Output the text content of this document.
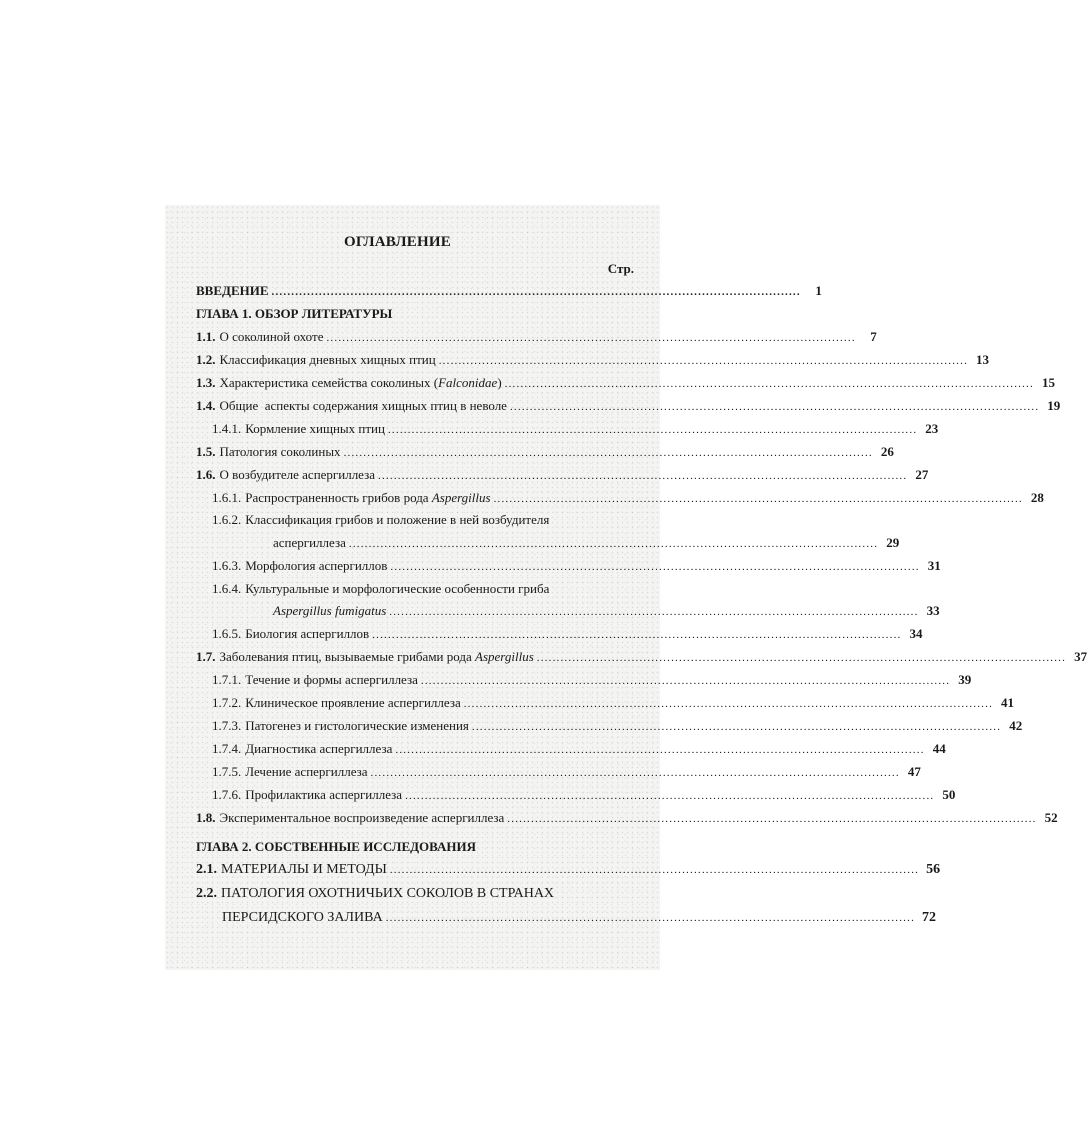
ОГЛАВЛЕНИЕ
Стр.
ВВЕДЕНИЕ ......................................................................................................................................	1
ГЛАВА 1. ОБЗОР ЛИТЕРАТУРЫ
1.1. О соколиной охоте ......................................................................................................................................	7
1.2. Классификация дневных хищных птиц ...................................................................................................................................... 13
1.3. Характеристика семейства соколиных ( Falconidae ) ...................................................................................................................................... 15
1.4. Общие  аспекты содержания хищных птиц в неволе ...................................................................................................................................... 19
1.4.1. Кормление хищных птиц ...................................................................................................................................... 23
1.5. Патология соколиных ...................................................................................................................................... 26
1.6. О возбудителе аспергиллеза ...................................................................................................................................... 27
1.6.1. Распространенность грибов рода Aspergillus ...................................................................................................................................... 28
1.6.2. Классификация грибов и положение в ней возбудителя
аспергиллеза ...................................................................................................................................... 29
1.6.3. Морфология аспергиллов ...................................................................................................................................... 31
1.6.4. Культуральные и морфологические особенности гриба
Aspergillus fumigatus ...................................................................................................................................... 33
1.6.5. Биология аспергиллов ...................................................................................................................................... 34
1.7. Заболевания птиц, вызываемые грибами рода Aspergillus ...................................................................................................................................... 37
1.7.1. Течение и формы аспергиллеза ...................................................................................................................................... 39
1.7.2. Клиническое проявление аспергиллеза ...................................................................................................................................... 41
1.7.3. Патогенез и гистологические изменения ...................................................................................................................................... 42
1.7.4. Диагностика аспергиллеза ...................................................................................................................................... 44
1.7.5. Лечение аспергиллеза ...................................................................................................................................... 47
1.7.6. Профилактика аспергиллеза ...................................................................................................................................... 50
1.8. Экспериментальное воспроизведение аспергиллеза ...................................................................................................................................... 52
ГЛАВА 2. СОБСТВЕННЫЕ ИССЛЕДОВАНИЯ
2.1. МАТЕРИАЛЫ И МЕТОДЫ ...................................................................................................................................... 56
2.2. ПАТОЛОГИЯ ОХОТНИЧЬИХ СОКОЛОВ В СТРАНАХ
ПЕРСИДСКОГО ЗАЛИВА ...................................................................................................................................... 72
